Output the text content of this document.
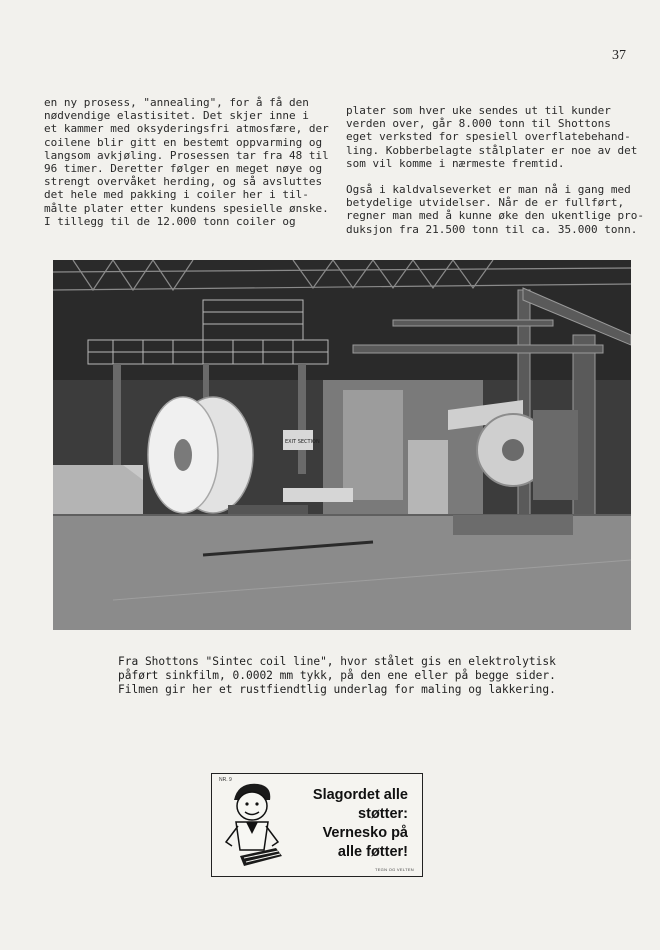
37
en ny prosess, "annealing", for å få den
nødvendige elastisitet. Det skjer inne i
et kammer med oksyderingsfri atmosfære, der
coilene blir gitt en bestemt oppvarming og
langsom avkjøling. Prosessen tar fra 48 til
96 timer. Deretter følger en meget nøye og
strengt overvåket herding, og så avsluttes
det hele med pakking i coiler her i til-
målte plater etter kundens spesielle ønske.
I tillegg til de 12.000 tonn coiler og
plater som hver uke sendes ut til kunder
verden over, går 8.000 tonn til Shottons
eget verksted for spesiell overflatebehand-
ling. Kobberbelagte stålplater er noe av det
som vil komme i nærmeste fremtid.
Også i kaldvalseverket er man nå i gang med
betydelige utvidelser. Når de er fullført,
regner man med å kunne øke den ukentlige pro-
duksjon fra 21.500 tonn til ca. 35.000 tonn.
EXIT SECTION
Fra Shottons "Sintec coil line", hvor stålet gis en elektrolytisk
påført sinkfilm, 0.0002 mm tykk, på den ene eller på begge sider.
Filmen gir her et rustfiendtlig underlag for maling og lakkering.
NR. 9
Slagordet alle
støtter:
Vernesko på
alle føtter!
TEGN OG VELTEN
